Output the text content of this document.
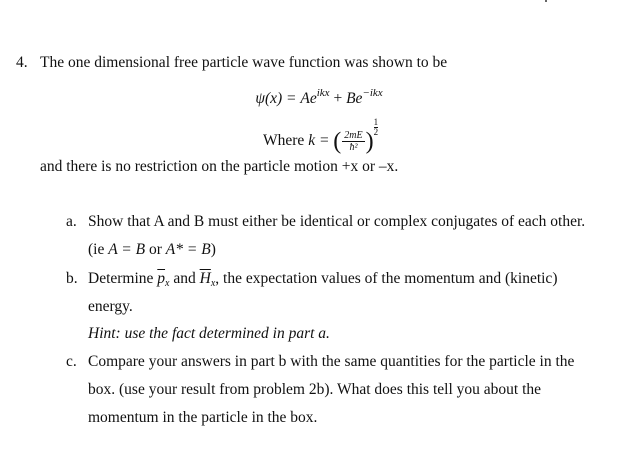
4. The one dimensional free particle wave function was shown to be
$\psi(x) = Ae^{ikx} + Be^{-ikx}$
Where k = ( $\frac{2mE}{\text{ħ²}}$ )
$\frac{1}{2}$
and there is no restriction on the particle motion +x or –x.
a. Show that A and B must either be identical or complex conjugates of each other.
(ie A = B or A* = B)
b. Determine $\overline{p}_x$ and $\overline{H}_x$, the expectation values of the momentum and (kinetic)
energy.
Hint: use the fact determined in part a.
c. Compare your answers in part b with the same quantities for the particle in the
box. (use your result from problem 2b). What does this tell you about the
momentum in the particle in the box.
